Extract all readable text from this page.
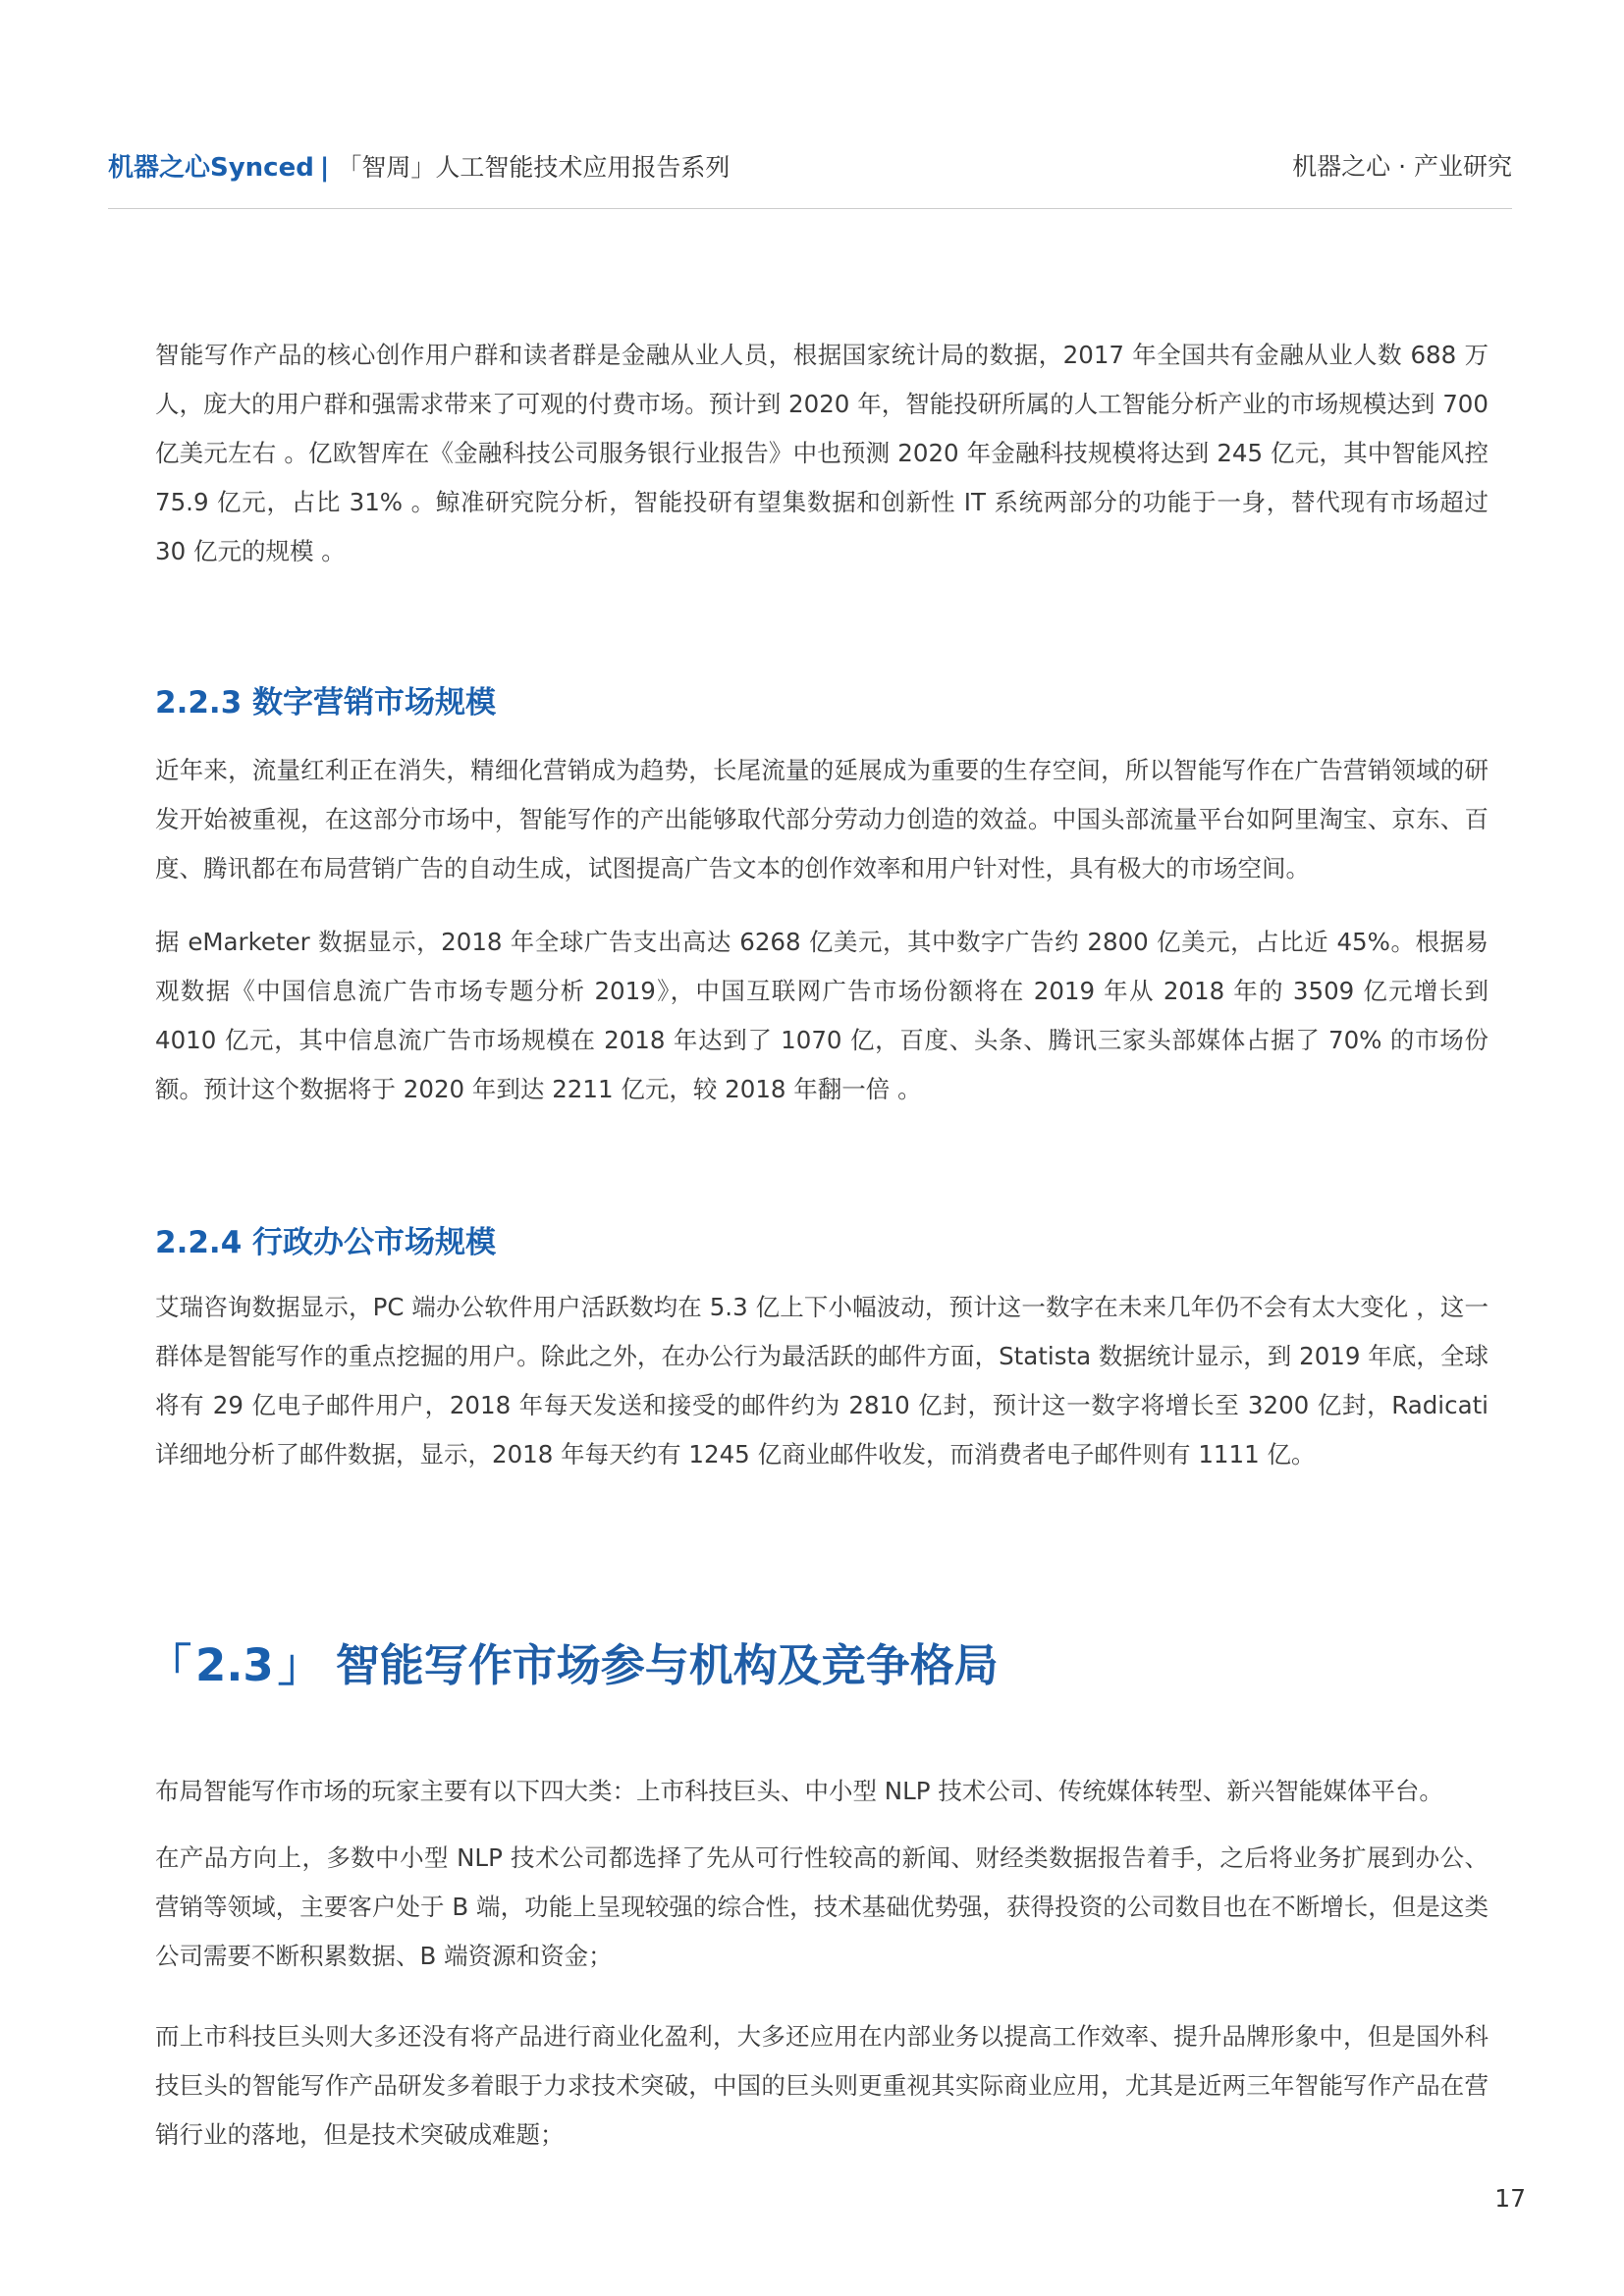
机器之心Synced | 「智周」人工智能技术应用报告系列	机器之心 · 产业研究

智能写作产品的核心创作用户群和读者群是金融从业人员，根据国家统计局的数据，2017 年全国共有金融从业人数 688 万人，庞大的用户群和强需求带来了可观的付费市场。预计到 2020 年，智能投研所属的人工智能分析产业的市场规模达到 700 亿美元左右 。亿欧智库在《金融科技公司服务银行业报告》中也预测 2020 年金融科技规模将达到 245 亿元，其中智能风控 75.9 亿元，占比 31% 。鲸准研究院分析，智能投研有望集数据和创新性 IT 系统两部分的功能于一身，替代现有市场超过 30 亿元的规模 。

2.2.3 数字营销市场规模

近年来，流量红利正在消失，精细化营销成为趋势，长尾流量的延展成为重要的生存空间，所以智能写作在广告营销领域的研发开始被重视，在这部分市场中，智能写作的产出能够取代部分劳动力创造的效益。中国头部流量平台如阿里淘宝、京东、百度、腾讯都在布局营销广告的自动生成，试图提高广告文本的创作效率和用户针对性，具有极大的市场空间。

据 eMarketer 数据显示，2018 年全球广告支出高达 6268 亿美元，其中数字广告约 2800 亿美元，占比近 45%。根据易观数据《中国信息流广告市场专题分析 2019》，中国互联网广告市场份额将在 2019 年从 2018 年的 3509 亿元增长到 4010 亿元，其中信息流广告市场规模在 2018 年达到了 1070 亿，百度、头条、腾讯三家头部媒体占据了 70% 的市场份额。预计这个数据将于 2020 年到达 2211 亿元，较 2018 年翻一倍 。

2.2.4 行政办公市场规模

艾瑞咨询数据显示，PC 端办公软件用户活跃数均在 5.3 亿上下小幅波动，预计这一数字在未来几年仍不会有太大变化 ，这一群体是智能写作的重点挖掘的用户。除此之外，在办公行为最活跃的邮件方面，Statista 数据统计显示，到 2019 年底，全球将有 29 亿电子邮件用户，2018 年每天发送和接受的邮件约为 2810 亿封，预计这一数字将增长至 3200 亿封，Radicati 详细地分析了邮件数据，显示，2018 年每天约有 1245 亿商业邮件收发，而消费者电子邮件则有 1111 亿。

「2.3」 智能写作市场参与机构及竞争格局

布局智能写作市场的玩家主要有以下四大类：上市科技巨头、中小型 NLP 技术公司、传统媒体转型、新兴智能媒体平台。

在产品方向上，多数中小型 NLP 技术公司都选择了先从可行性较高的新闻、财经类数据报告着手，之后将业务扩展到办公、营销等领域，主要客户处于 B 端，功能上呈现较强的综合性，技术基础优势强，获得投资的公司数目也在不断增长，但是这类公司需要不断积累数据、B 端资源和资金；

而上市科技巨头则大多还没有将产品进行商业化盈利，大多还应用在内部业务以提高工作效率、提升品牌形象中，但是国外科技巨头的智能写作产品研发多着眼于力求技术突破，中国的巨头则更重视其实际商业应用，尤其是近两三年智能写作产品在营销行业的落地，但是技术突破成难题；

17
